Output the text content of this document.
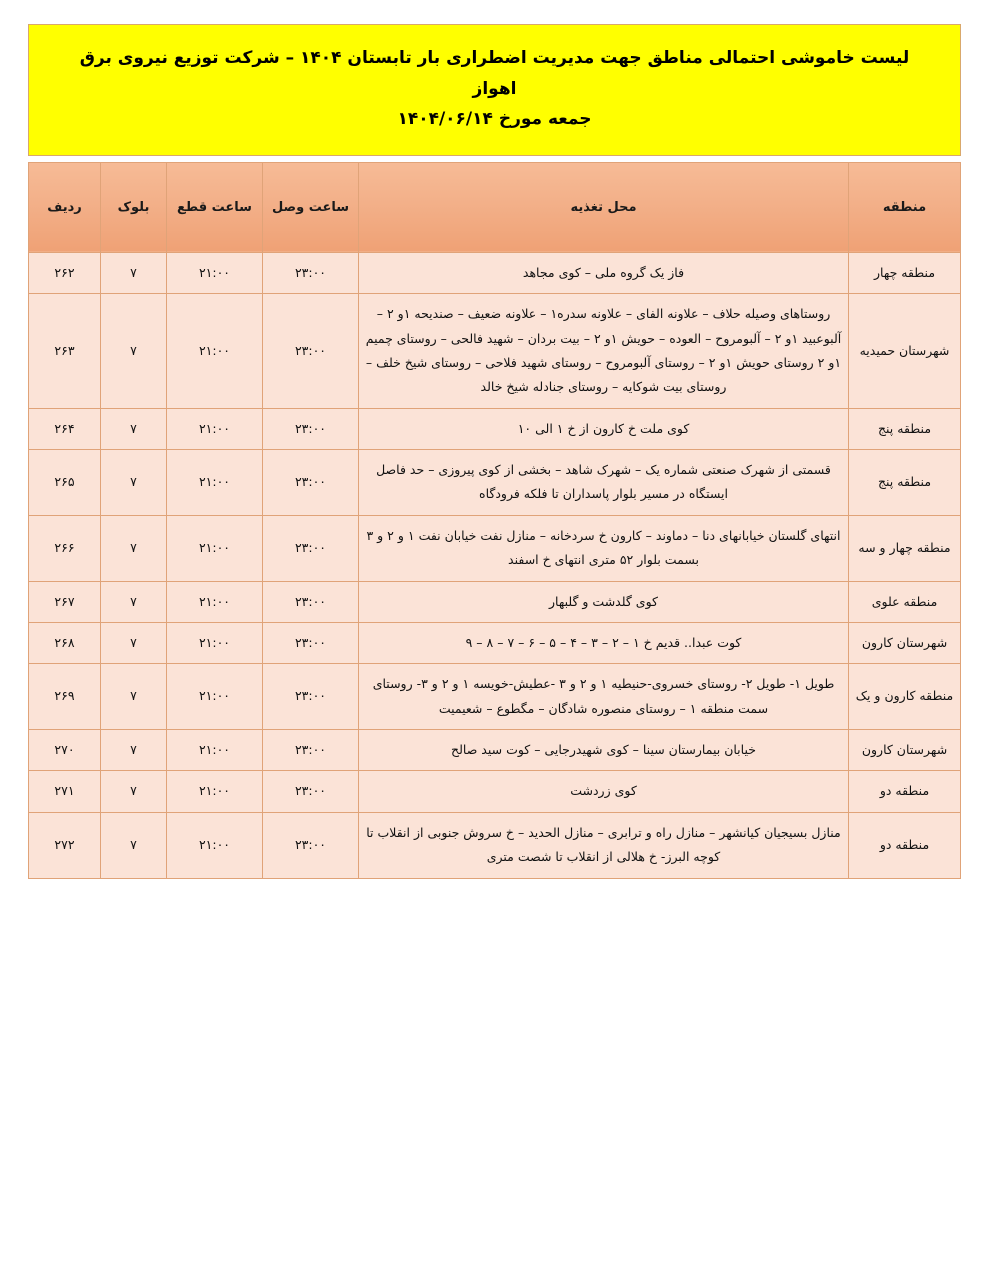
لیست خاموشی احتمالی مناطق جهت مدیریت اضطراری بار تابستان ۱۴۰۴ – شرکت توزیع نیروی برق اهواز
جمعه مورخ ۱۴۰۴/۰۶/۱۴
منطقه	محل تغذیه	ساعت وصل	ساعت قطع	بلوک	ردیف
منطقه چهار	فاز یک گروه ملی – کوی مجاهد	۲۳:۰۰	۲۱:۰۰	۷	۲۶۲
شهرستان حمیدیه	روستاهای وصیله حلاف – علاونه الفای – علاونه سدره۱ – علاونه ضعیف – صندیحه ۱و ۲ – آلبوعبید ۱و ۲ – آلبومروح – العوده – حویش ۱و ۲ – بیت بردان – شهید فالحی – روستای چمیم ۱و ۲ روستای حویش ۱و ۲ – روستای آلبومروح – روستای شهید فلاحی – روستای شیخ خلف – روستای بیت شوکایه – روستای جنادله شیخ خالد	۲۳:۰۰	۲۱:۰۰	۷	۲۶۳
منطقه پنج	کوی ملت خ کارون از خ ۱ الی ۱۰	۲۳:۰۰	۲۱:۰۰	۷	۲۶۴
منطقه پنج	قسمتی از شهرک صنعتی شماره یک – شهرک شاهد – بخشی از کوی پیروزی – حد فاصل ایستگاه در مسیر بلوار پاسداران تا فلکه فرودگاه	۲۳:۰۰	۲۱:۰۰	۷	۲۶۵
منطقه چهار و سه	انتهای گلستان خیابانهای دنا – دماوند – کارون خ سردخانه – منازل نفت خیابان نفت ۱ و ۲ و ۳ بسمت بلوار ۵۲ متری انتهای خ اسفند	۲۳:۰۰	۲۱:۰۰	۷	۲۶۶
منطقه علوی	کوی گلدشت و گلبهار	۲۳:۰۰	۲۱:۰۰	۷	۲۶۷
شهرستان کارون	کوت عبدا.. قدیم خ ۱ – ۲ – ۳ – ۴ – ۵ – ۶ – ۷ – ۸ – ۹	۲۳:۰۰	۲۱:۰۰	۷	۲۶۸
منطقه کارون و یک	طویل ۱- طویل ۲- روستای خسروی-حنیطیه ۱ و ۲ و ۳ -عطیش-خویسه ۱ و ۲ و ۳- روستای سمت منطقه ۱ – روستای منصوره شادگان – مگطوع – شعیمیت	۲۳:۰۰	۲۱:۰۰	۷	۲۶۹
شهرستان کارون	خیابان بیمارستان سینا – کوی شهیدرجایی – کوت سید صالح	۲۳:۰۰	۲۱:۰۰	۷	۲۷۰
منطقه دو	کوی زردشت	۲۳:۰۰	۲۱:۰۰	۷	۲۷۱
منطقه دو	منازل بسیجیان کیانشهر – منازل راه و ترابری – منازل الحدید – خ سروش جنوبی از انقلاب تا کوچه البرز- خ هلالی از انقلاب تا شصت متری	۲۳:۰۰	۲۱:۰۰	۷	۲۷۲
